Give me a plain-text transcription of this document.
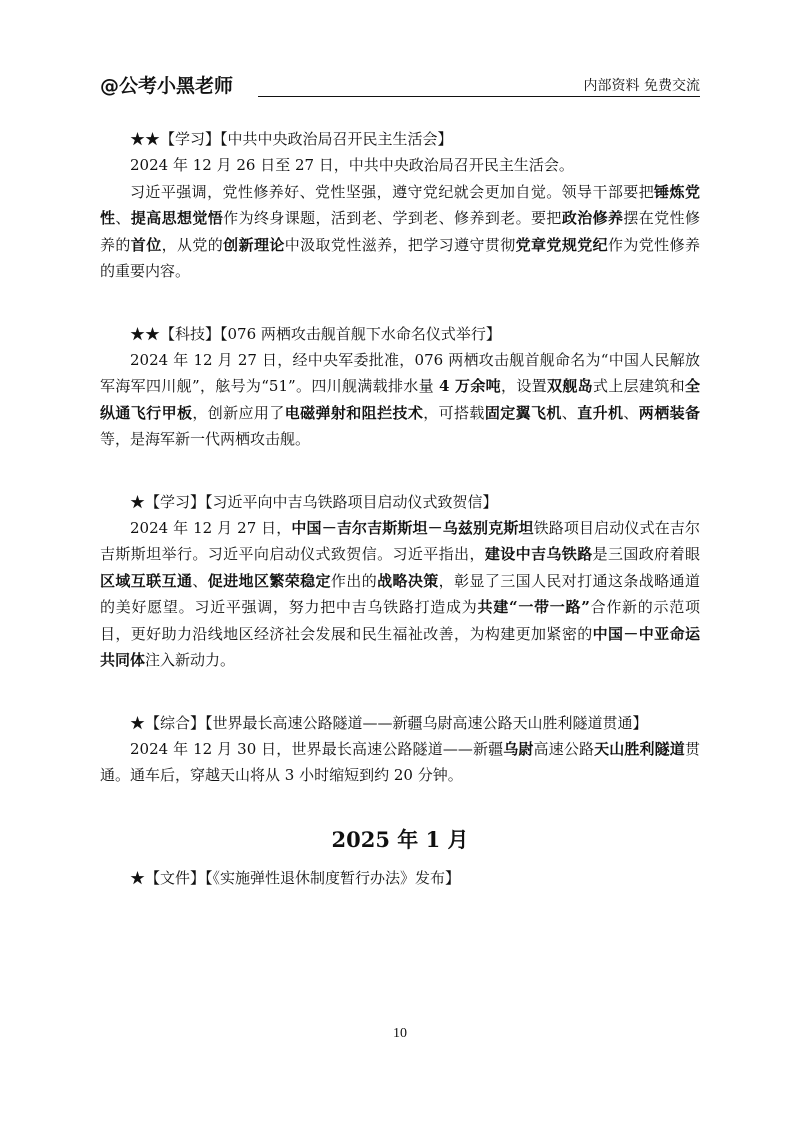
@公考小黑老师	内部资料 免费交流
★★【学习】【中共中央政治局召开民主生活会】

2024 年 12 月 26 日至 27 日，中共中央政治局召开民主生活会。

习近平强调，党性修养好、党性坚强，遵守党纪就会更加自觉。领导干部要把锤炼党性、提高思想觉悟作为终身课题，活到老、学到老、修养到老。要把政治修养摆在党性修养的首位，从党的创新理论中汲取党性滋养，把学习遵守贯彻党章党规党纪作为党性修养的重要内容。

★★【科技】【076 两栖攻击舰首舰下水命名仪式举行】

2024 年 12 月 27 日，经中央军委批准，076 两栖攻击舰首舰命名为“中国人民解放军海军四川舰”，舷号为“51”。四川舰满载排水量 4 万余吨，设置双舰岛式上层建筑和全纵通飞行甲板，创新应用了电磁弹射和阻拦技术，可搭载固定翼飞机、直升机、两栖装备等，是海军新一代两栖攻击舰。

★【学习】【习近平向中吉乌铁路项目启动仪式致贺信】

2024 年 12 月 27 日，中国－吉尔吉斯斯坦－乌兹别克斯坦铁路项目启动仪式在吉尔吉斯斯坦举行。习近平向启动仪式致贺信。习近平指出，建设中吉乌铁路是三国政府着眼区域互联互通、促进地区繁荣稳定作出的战略决策，彰显了三国人民对打通这条战略通道的美好愿望。习近平强调，努力把中吉乌铁路打造成为共建“一带一路”合作新的示范项目，更好助力沿线地区经济社会发展和民生福祉改善，为构建更加紧密的中国－中亚命运共同体注入新动力。

★【综合】【世界最长高速公路隧道——新疆乌尉高速公路天山胜利隧道贯通】

2024 年 12 月 30 日，世界最长高速公路隧道——新疆乌尉高速公路天山胜利隧道贯通。通车后，穿越天山将从 3 小时缩短到约 20 分钟。

2025 年 1 月
★【文件】【《实施弹性退休制度暂行办法》发布】
10
